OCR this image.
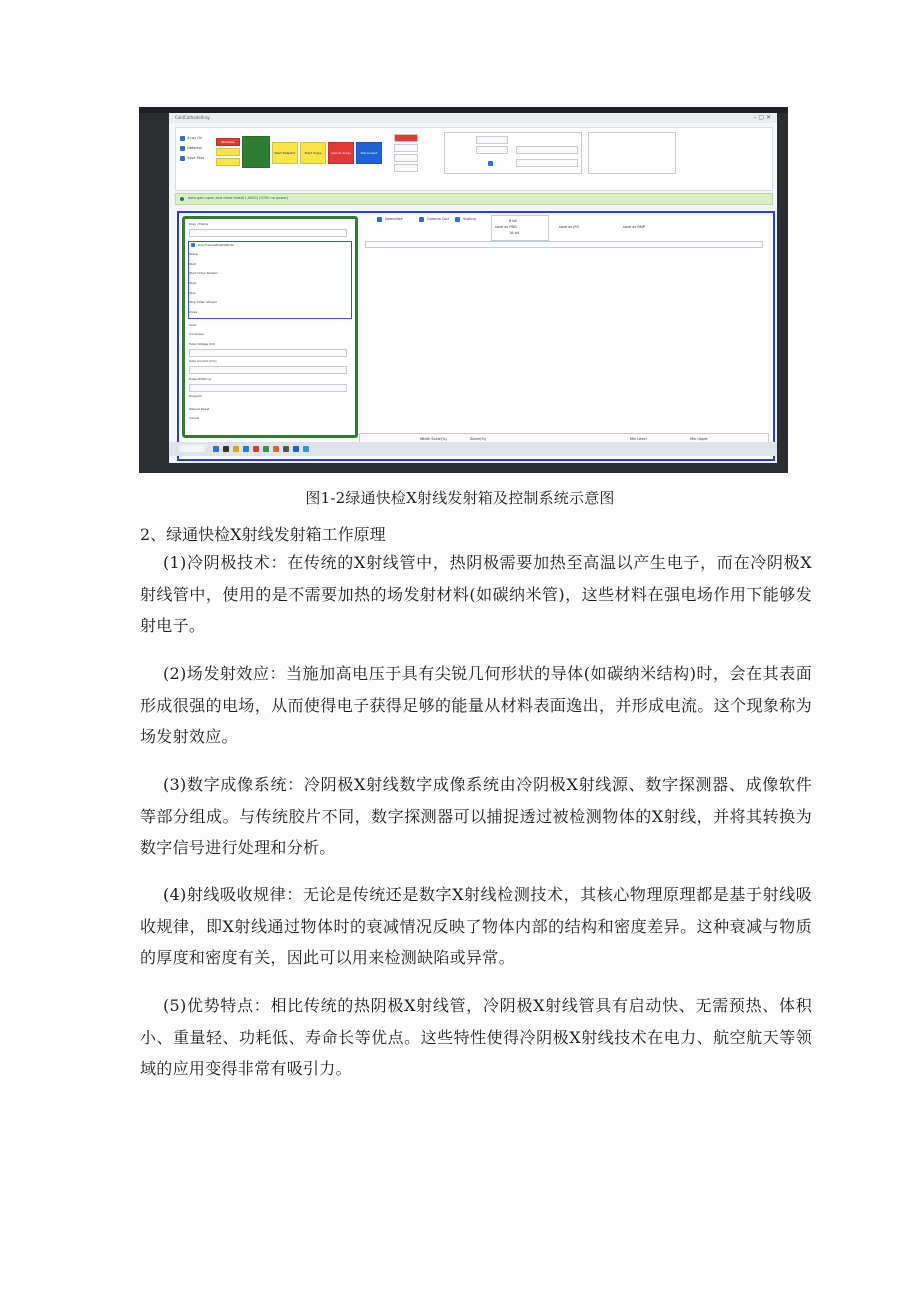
ColdCathodeXray	– ▢ ✕
X-ray On
Detector
Save Files
Windows
Start Detector	Start Xrays	Cancel Xrays	Disconnect
auto gain open and close failed(1,0000) (0700 no power)
Xray | Frame
Use FramesEnableMode
Setup
Start
Start Video Stream
Start
Stop
Stop Video Stream
Close
Save
Compress
Tube Voltage (kV)
Tube Current (mA)
Pulse Width (s)
Program
Manual Reset
Cancel
Normalize	Gamma Corr	Scaling	8 bit
16 bit
save as PNG	save as JPG	save as BMP
Width Scale(%)	Zoom(%)	Min Level	Min Upper
图1-2绿通快检X射线发射箱及控制系统示意图
2、绿通快检X射线发射箱工作原理

(1)冷阴极技术：在传统的X射线管中，热阴极需要加热至高温以产生电子，而在冷阴极X射线管中，使用的是不需要加热的场发射材料(如碳纳米管)，这些材料在强电场作用下能够发射电子。

(2)场发射效应：当施加高电压于具有尖锐几何形状的导体(如碳纳米结构)时，会在其表面形成很强的电场，从而使得电子获得足够的能量从材料表面逸出，并形成电流。这个现象称为场发射效应。

(3)数字成像系统：冷阴极X射线数字成像系统由冷阴极X射线源、数字探测器、成像软件等部分组成。与传统胶片不同，数字探测器可以捕捉透过被检测物体的X射线，并将其转换为数字信号进行处理和分析。

(4)射线吸收规律：无论是传统还是数字X射线检测技术，其核心物理原理都是基于射线吸收规律，即X射线通过物体时的衰减情况反映了物体内部的结构和密度差异。这种衰减与物质的厚度和密度有关，因此可以用来检测缺陷或异常。

(5)优势特点：相比传统的热阴极X射线管，冷阴极X射线管具有启动快、无需预热、体积小、重量轻、功耗低、寿命长等优点。这些特性使得冷阴极X射线技术在电力、航空航天等领域的应用变得非常有吸引力。
